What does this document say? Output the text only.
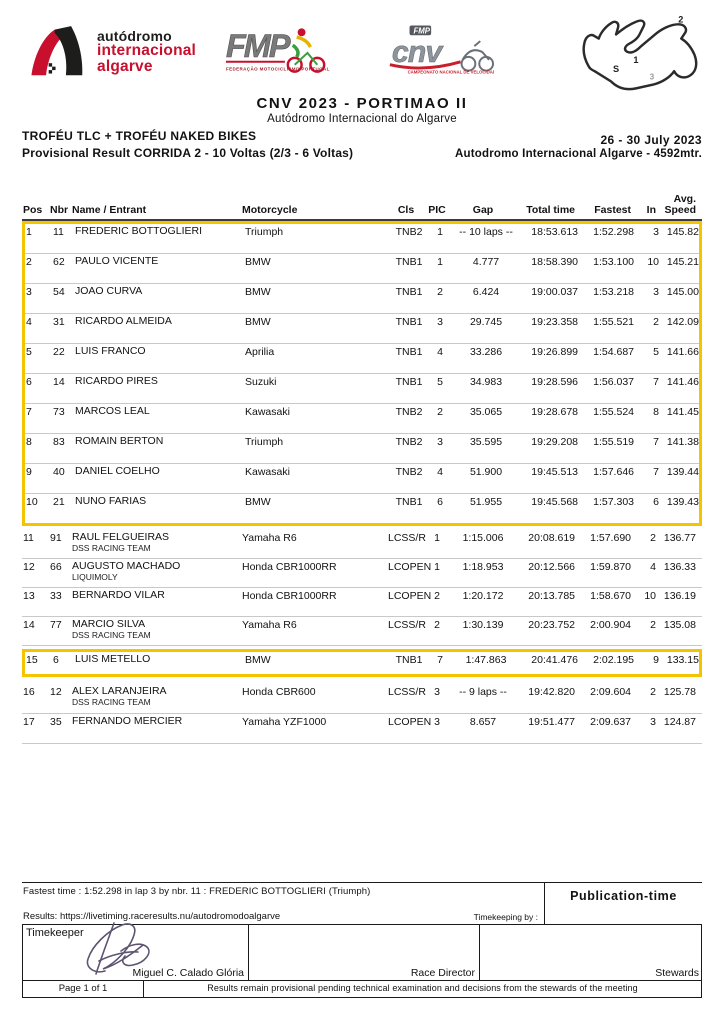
autódromo
internacional
algarve
FMP
FEDERAÇÃO MOTOCICLISMO PORTUGAL
FMP
cnv
CAMPEONATO NACIONAL DE VELOCIDADE	S
1
2
3
CNV 2023 - PORTIMAO II
Autódromo Internacional do Algarve
TROFÉU TLC + TROFÉU NAKED BIKES	26 - 30 July 2023
Provisional Result CORRIDA 2 - 10 Voltas (2/3 - 6 Voltas)	Autodromo Internacional Algarve - 4592mtr.
Pos Nbr Name / Entrant	Motorcycle	Cls	PIC	Gap	Total time	Fastest	In
Avg.
Speed
1	11	FREDERIC BOTTOGLIERI	Triumph	TNB2	1	-- 10 laps --	18:53.613	1:52.298	3 145.82
2	62 PAULO VICENTE	BMW	TNB1	1	4.777	18:58.390	1:53.100	10 145.21
3	54 JOAO CURVA	BMW	TNB1	2	6.424	19:00.037	1:53.218	3 145.00
4	31 RICARDO ALMEIDA	BMW	TNB1	3	29.745	19:23.358	1:55.521	2 142.09
5	22 LUIS FRANCO	Aprilia	TNB1	4	33.286	19:26.899	1:54.687	5 141.66
6	14 RICARDO PIRES	Suzuki	TNB1	5	34.983	19:28.596	1:56.037	7 141.46
7	73 MARCOS LEAL	Kawasaki	TNB2	2	35.065	19:28.678	1:55.524	8 141.45
8	83 ROMAIN BERTON	Triumph	TNB2	3	35.595	19:29.208	1:55.519	7 141.38
9	40 DANIEL COELHO	Kawasaki	TNB2	4	51.900	19:45.513	1:57.646	7 139.44
10	21 NUNO FARIAS	BMW	TNB1	6	51.955	19:45.568	1:57.303	6 139.43
11	91 RAUL FELGUEIRAS
DSS RACING TEAM
Yamaha R6	LCSS/R 1	1:15.006	20:08.619	1:57.690	2 136.77
12	66 AUGUSTO MACHADO
LIQUIMOLY
Honda CBR1000RR	LCOPEN 1	1:18.953	20:12.566	1:59.870	4 136.33
13	33 BERNARDO VILAR	Honda CBR1000RR	LCOPEN 2	1:20.172	20:13.785	1:58.670	10 136.19
14	77 MARCIO SILVA
DSS RACING TEAM
Yamaha R6	LCSS/R 2	1:30.139	20:23.752	2:00.904	2 135.08
15	6	LUIS METELLO	BMW	TNB1	7	1:47.863	20:41.476	2:02.195	9 133.15
16	12 ALEX LARANJEIRA
DSS RACING TEAM
Honda CBR600	LCSS/R 3	-- 9 laps --	19:42.820	2:09.604	2 125.78
17	35 FERNANDO MERCIER	Yamaha YZF1000	LCOPEN 3	8.657	19:51.477	2:09.637	3 124.87
Fastest time : 1:52.298 in lap 3 by nbr. 11 : FREDERIC BOTTOGLIERI (Triumph)
Results: https://livetiming.raceresults.nu/autodromodoalgarve	Timekeeping by :
Publication-time
Timekeeper
Miguel C. Calado Glória	Race Director	Stewards
Page 1 of 1	Results remain provisional pending technical examination and decisions from the stewards of the meeting
